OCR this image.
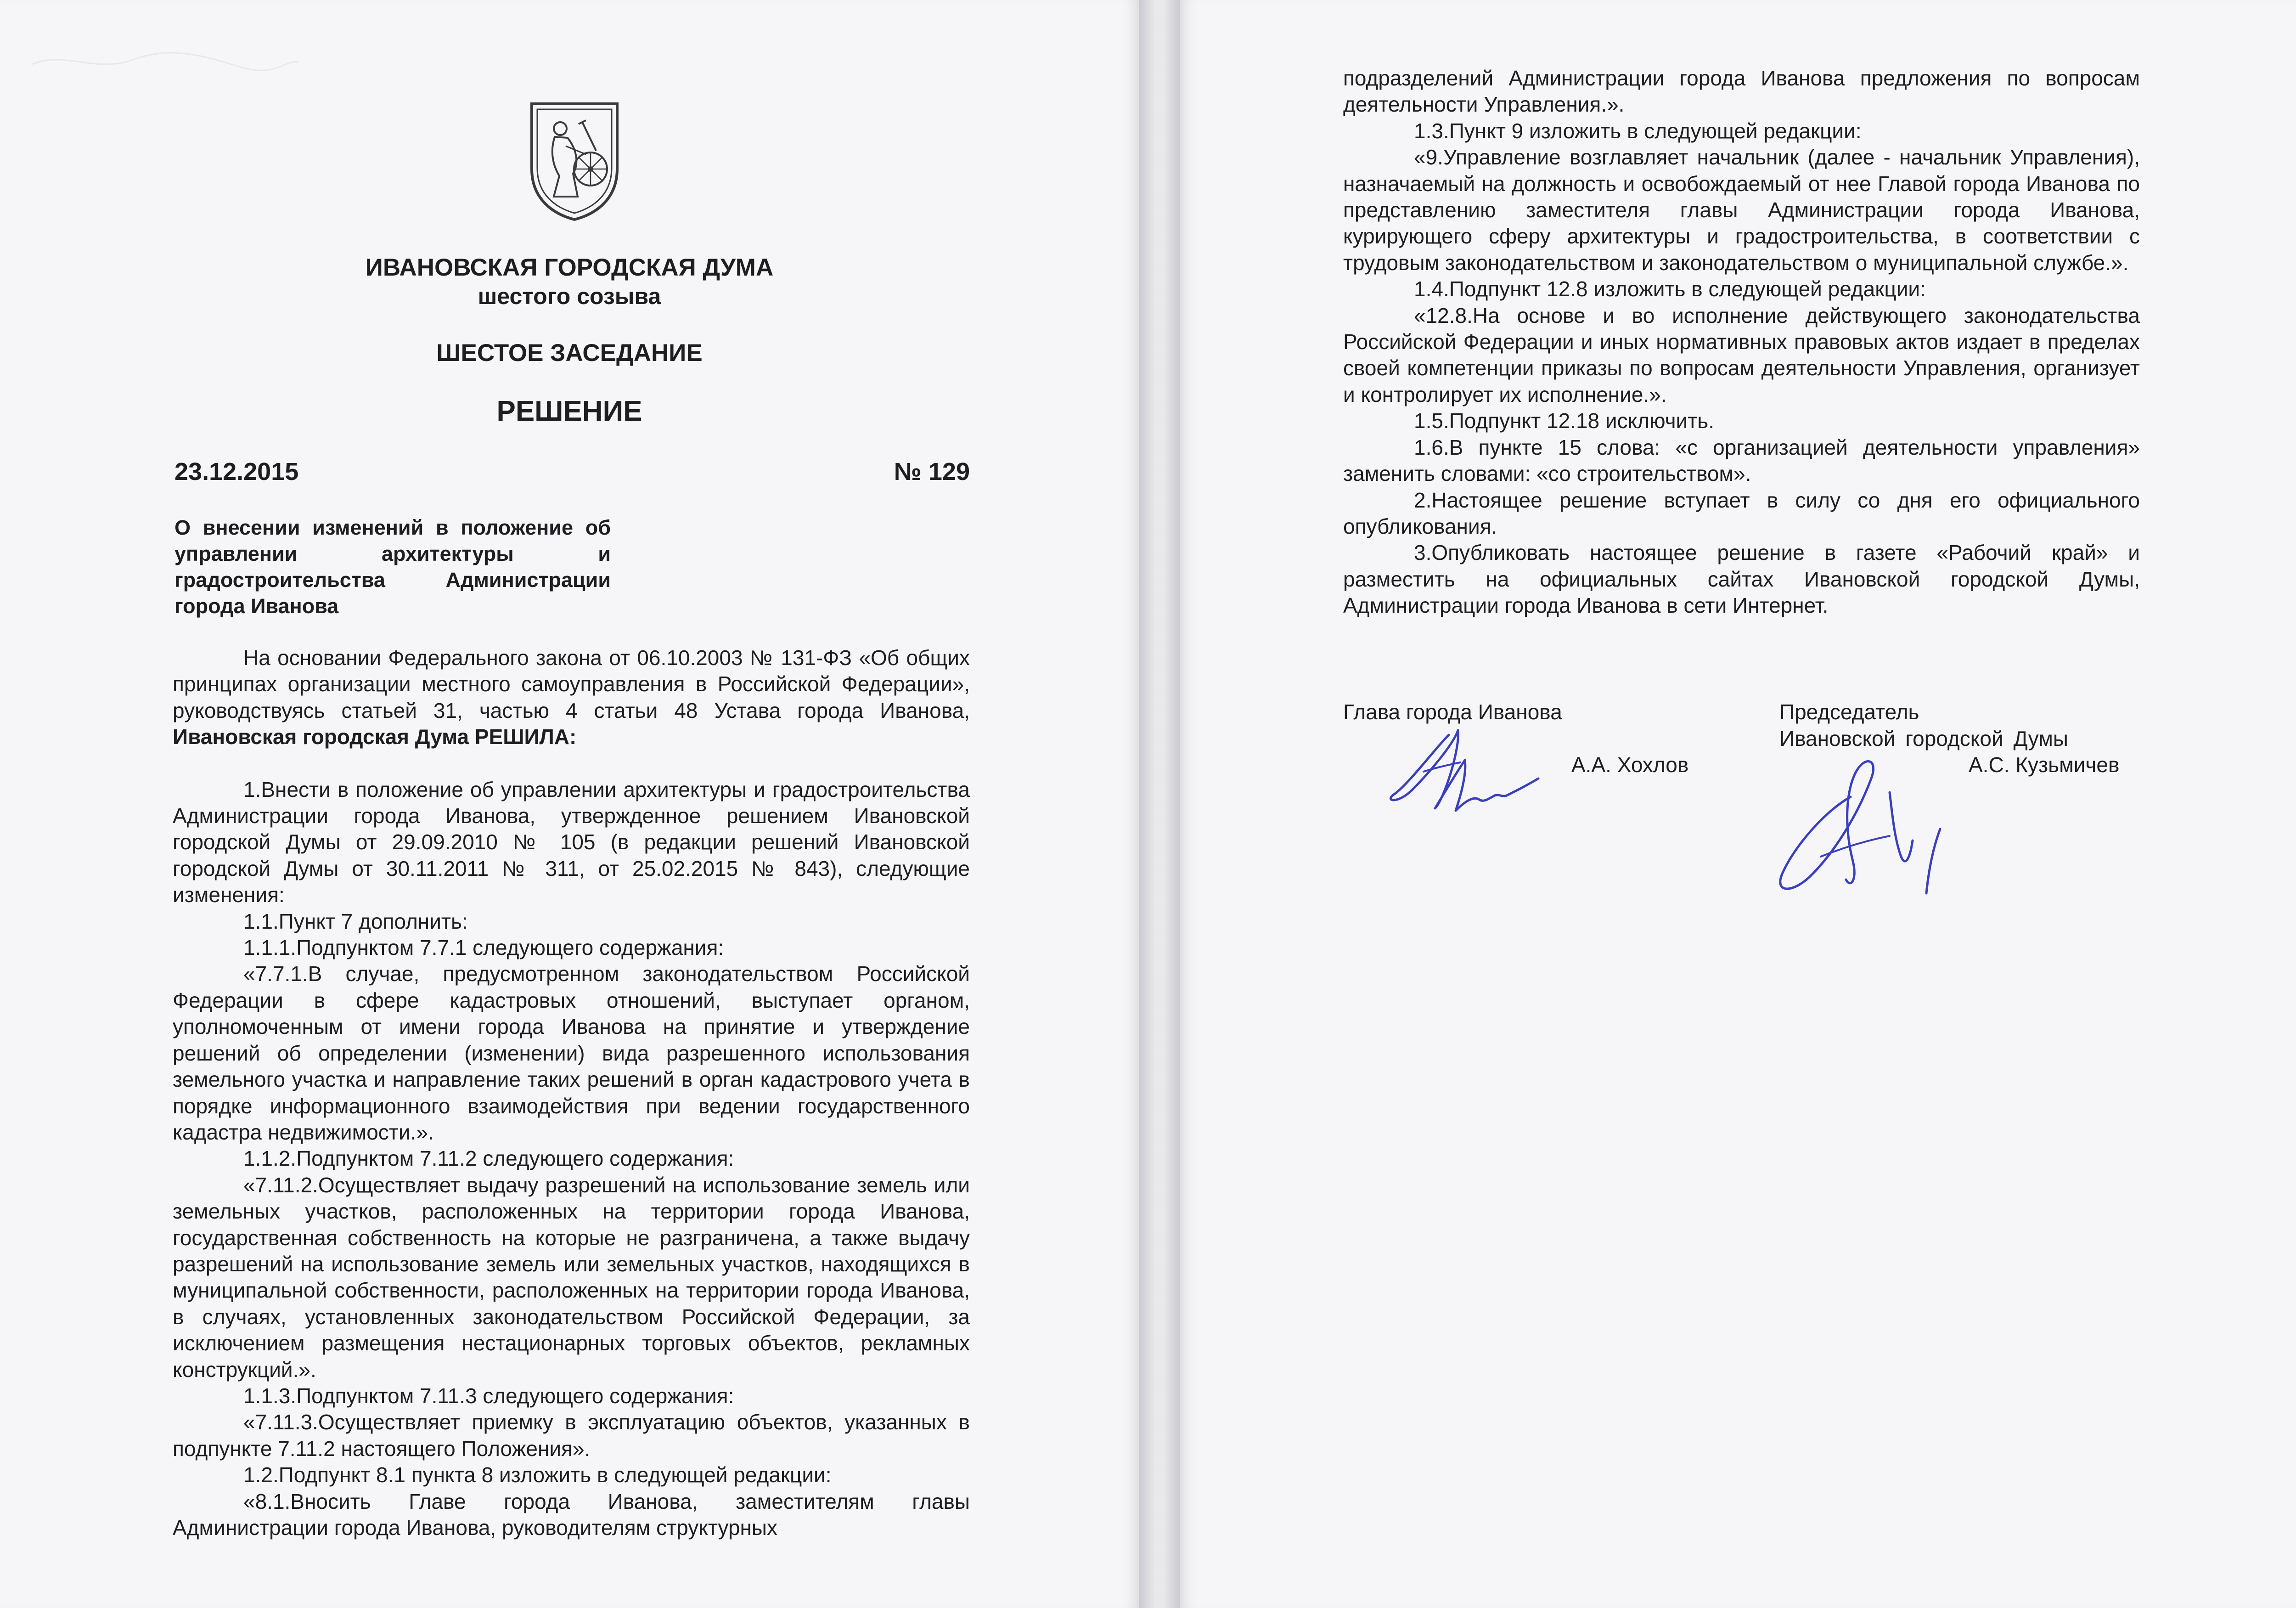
ИВАНОВСКАЯ ГОРОДСКАЯ ДУМА
шестого созыва
ШЕСТОЕ ЗАСЕДАНИЕ
РЕШЕНИЕ
23.12.2015	№ 129
О внесении изменений в положение об управлении архитектуры и градостроительства Администрации города Иванова

На основании Федерального закона от 06.10.2003 № 131-ФЗ «Об общих принципах организации местного самоуправления в Российской Федерации», руководствуясь статьей 31, частью 4 статьи 48 Устава города Иванова, Ивановская городская Дума РЕШИЛА:

1.Внести в положение об управлении архитектуры и градостроительства Администрации города Иванова, утвержденное решением Ивановской городской Думы от 29.09.2010 № 105 (в редакции решений Ивановской городской Думы от 30.11.2011 № 311, от 25.02.2015 № 843), следующие изменения:

1.1.Пункт 7 дополнить:

1.1.1.Подпунктом 7.7.1 следующего содержания:

«7.7.1.В случае, предусмотренном законодательством Российской Федерации в сфере кадастровых отношений, выступает органом, уполномоченным от имени города Иванова на принятие и утверждение решений об определении (изменении) вида разрешенного использования земельного участка и направление таких решений в орган кадастрового учета в порядке информационного взаимодействия при ведении государственного кадастра недвижимости.».

1.1.2.Подпунктом 7.11.2 следующего содержания:

«7.11.2.Осуществляет выдачу разрешений на использование земель или земельных участков, расположенных на территории города Иванова, государственная собственность на которые не разграничена, а также выдачу разрешений на использование земель или земельных участков, находящихся в муниципальной собственности, расположенных на территории города Иванова, в случаях, установленных законодательством Российской Федерации, за исключением размещения нестационарных торговых объектов, рекламных конструкций.».

1.1.3.Подпунктом 7.11.3 следующего содержания:

«7.11.3.Осуществляет приемку в эксплуатацию объектов, указанных в подпункте 7.11.2 настоящего Положения».

1.2.Подпункт 8.1 пункта 8 изложить в следующей редакции:

«8.1.Вносить Главе города Иванова, заместителям главы Администрации города Иванова, руководителям структурных

подразделений Администрации города Иванова предложения по вопросам деятельности Управления.».

1.3.Пункт 9 изложить в следующей редакции:

«9.Управление возглавляет начальник (далее - начальник Управления), назначаемый на должность и освобождаемый от нее Главой города Иванова по представлению заместителя главы Администрации города Иванова, курирующего сферу архитектуры и градостроительства, в соответствии с трудовым законодательством и законодательством о муниципальной службе.».

1.4.Подпункт 12.8 изложить в следующей редакции:

«12.8.На основе и во исполнение действующего законодательства Российской Федерации и иных нормативных правовых актов издает в пределах своей компетенции приказы по вопросам деятельности Управления, организует и контролирует их исполнение.».

1.5.Подпункт 12.18 исключить.

1.6.В пункте 15 слова: «с организацией деятельности управления» заменить словами: «со строительством».

2.Настоящее решение вступает в силу со дня его официального опубликования.

3.Опубликовать настоящее решение в газете «Рабочий край» и разместить на официальных сайтах Ивановской городской Думы, Администрации города Иванова в сети Интернет.

Глава города Иванова
А.А. Хохлов
Председатель
Ивановской городской Думы
А.С. Кузьмичев
